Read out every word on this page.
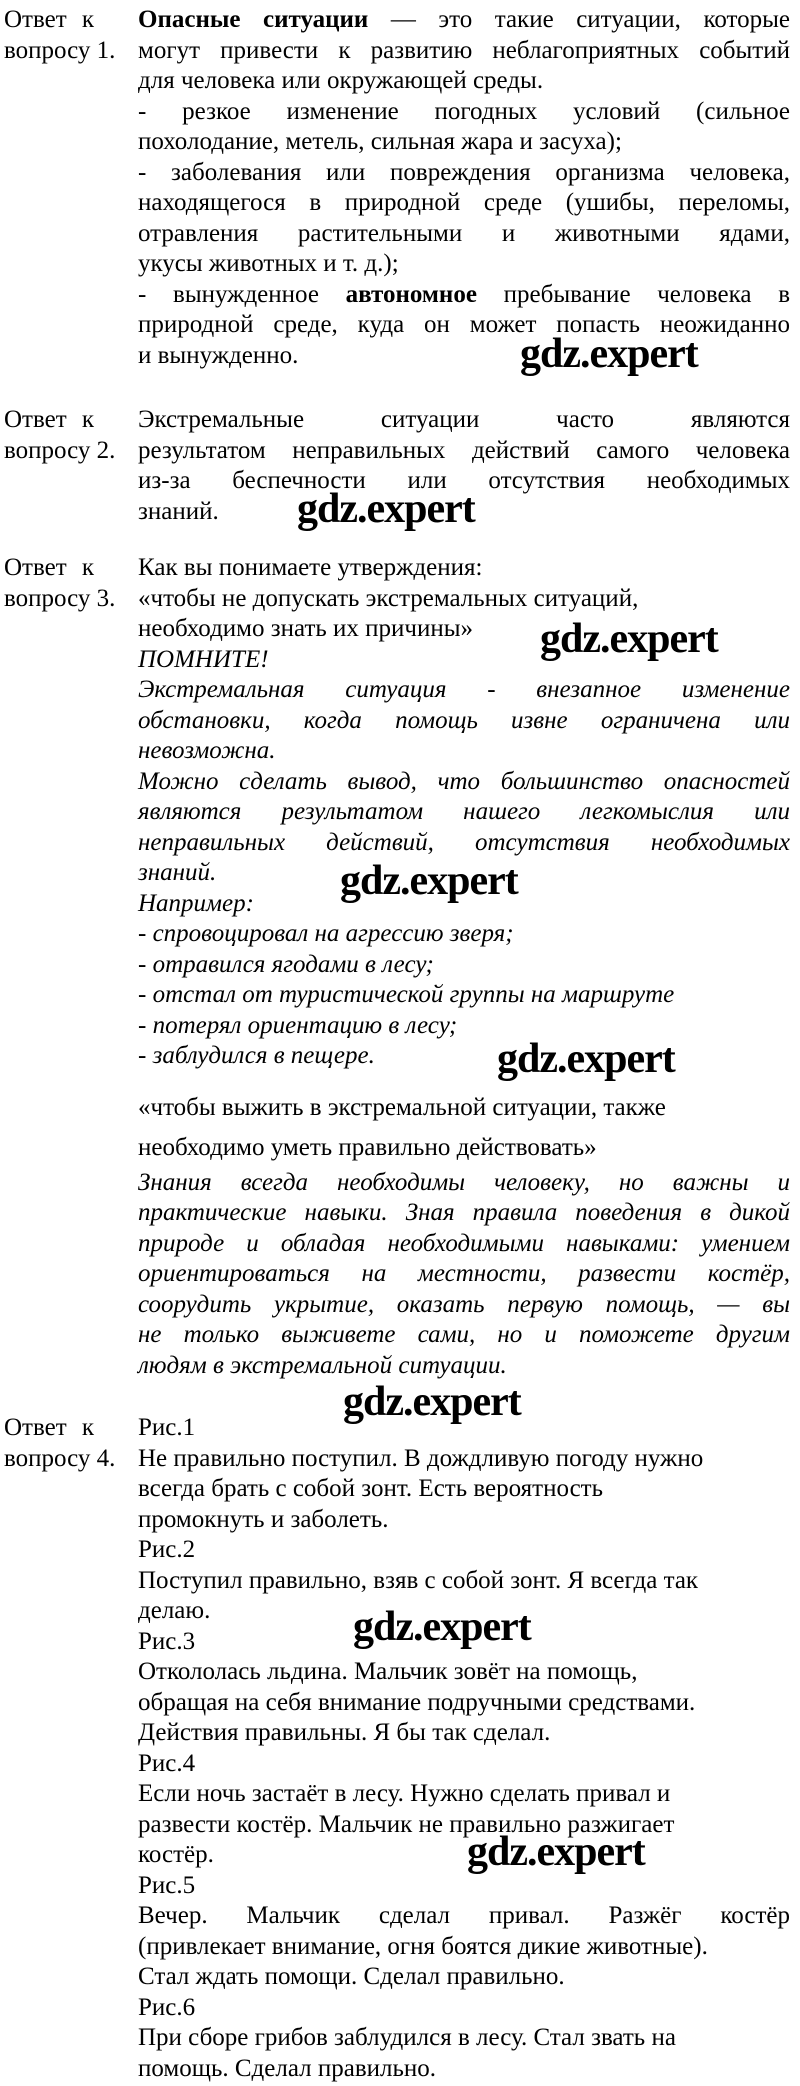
Ответ к
вопросу 1.
Опасные ситуации — это такие ситуации, которые
могут привести к развитию неблагоприятных событий
для человека или окружающей среды.
- резкое изменение погодных условий (сильное
похолодание, метель, сильная жара и засуха);
- заболевания или повреждения организма человека,
находящегося в природной среде (ушибы, переломы,
отравления растительными и животными ядами,
укусы животных и т. д.);
- вынужденное автономное пребывание человека в
природной среде, куда он может попасть неожиданно
и вынужденно.
Ответ к
вопросу 2.
Экстремальные ситуации часто являются
результатом неправильных действий самого человека
из-за беспечности или отсутствия необходимых
знаний.
Ответ к
вопросу 3.
Как вы понимаете утверждения:
«чтобы не допускать экстремальных ситуаций,
необходимо знать их причины»
ПОМНИТЕ!
Экстремальная ситуация - внезапное изменение
обстановки, когда помощь извне ограничена или
невозможна.
Можно сделать вывод, что большинство опасностей
являются результатом нашего легкомыслия или
неправильных действий, отсутствия необходимых
знаний.
Например:
- спровоцировал на агрессию зверя;
- отравился ягодами в лесу;
- отстал от туристической группы на маршруте
- потерял ориентацию в лесу;
- заблудился в пещере.
«чтобы выжить в экстремальной ситуации, также
необходимо уметь правильно действовать»
Знания всегда необходимы человеку, но важны и
практические навыки. Зная правила поведения в дикой
природе и обладая необходимыми навыками: умением
ориентироваться на местности, развести костёр,
соорудить укрытие, оказать первую помощь, — вы
не только выживете сами, но и поможете другим
людям в экстремальной ситуации.
Ответ к
вопросу 4.
Рис.1
Не правильно поступил. В дождливую погоду нужно
всегда брать с собой зонт. Есть вероятность
промокнуть и заболеть.
Рис.2
Поступил правильно, взяв с собой зонт. Я всегда так
делаю.
Рис.3
Откололась льдина. Мальчик зовёт на помощь,
обращая на себя внимание подручными средствами.
Действия правильны. Я бы так сделал.
Рис.4
Если ночь застаёт в лесу. Нужно сделать привал и
развести костёр. Мальчик не правильно разжигает
костёр.
Рис.5
Вечер. Мальчик сделал привал. Разжёг костёр
(привлекает внимание, огня боятся дикие животные).
Стал ждать помощи. Сделал правильно.
Рис.6
При сборе грибов заблудился в лесу. Стал звать на
помощь. Сделал правильно.
gdz.expert
gdz.expert
gdz.expert
gdz.expert
gdz.expert
gdz.expert
gdz.expert
gdz.expert
